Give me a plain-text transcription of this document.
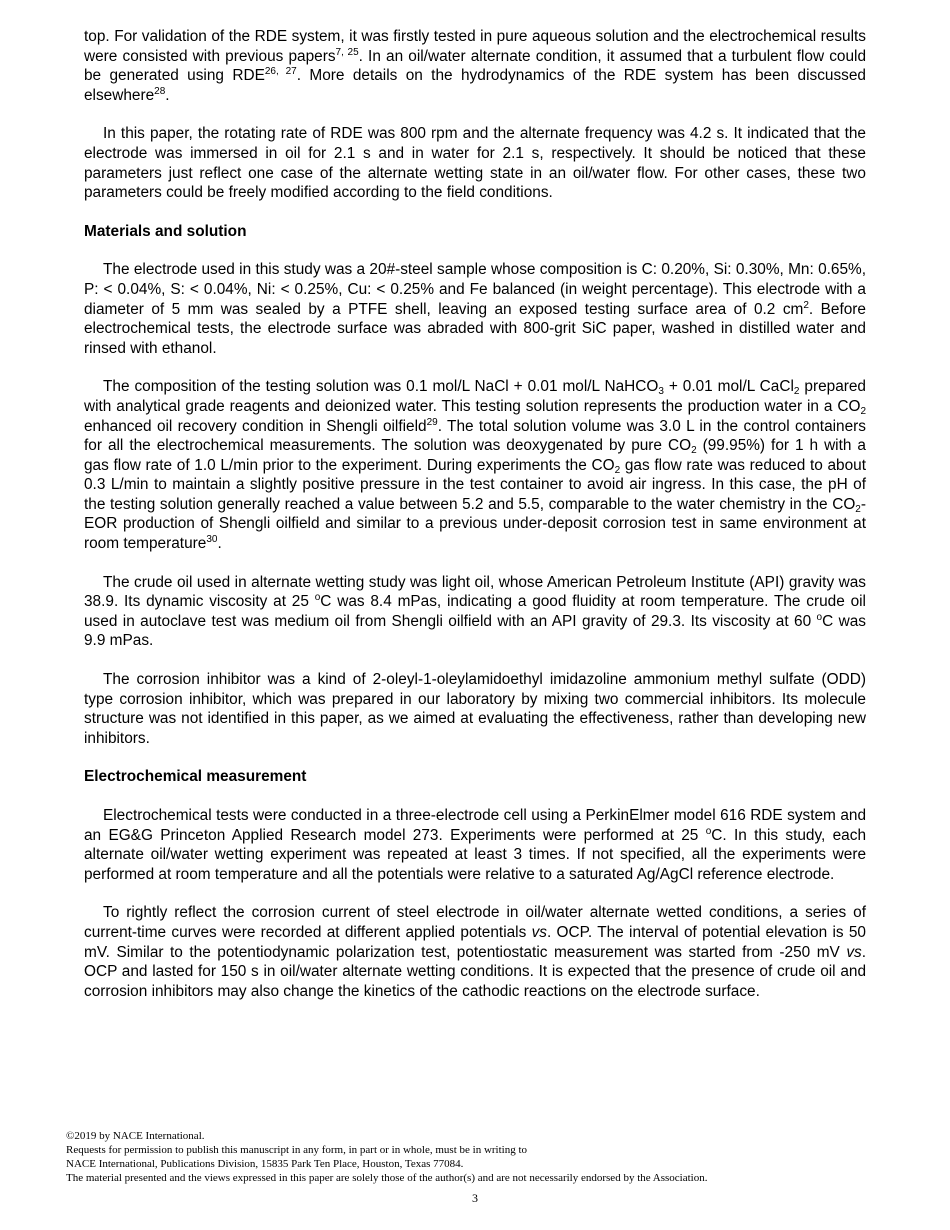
top. For validation of the RDE system, it was firstly tested in pure aqueous solution and the electrochemical results were consisted with previous papers$^{7, 25}$. In an oil/water alternate condition, it assumed that a turbulent flow could be generated using RDE$^{26, 27}$. More details on the hydrodynamics of the RDE system has been discussed elsewhere$^{28}$.

In this paper, the rotating rate of RDE was 800 rpm and the alternate frequency was 4.2 s. It indicated that the electrode was immersed in oil for 2.1 s and in water for 2.1 s, respectively. It should be noticed that these parameters just reflect one case of the alternate wetting state in an oil/water flow. For other cases, these two parameters could be freely modified according to the field conditions.

Materials and solution

The electrode used in this study was a 20#-steel sample whose composition is C: 0.20%, Si: 0.30%, Mn: 0.65%, P: < 0.04%, S: < 0.04%, Ni: < 0.25%, Cu: < 0.25% and Fe balanced (in weight percentage). This electrode with a diameter of 5 mm was sealed by a PTFE shell, leaving an exposed testing surface area of 0.2 $cm^2$. Before electrochemical tests, the electrode surface was abraded with 800-grit SiC paper, washed in distilled water and rinsed with ethanol.

The composition of the testing solution was 0.1 mol/L NaCl + 0.01 mol/L NaHCO$_3$ + 0.01 mol/L CaCl$_2$ prepared with analytical grade reagents and deionized water. This testing solution represents the production water in a $CO_2$ enhanced oil recovery condition in Shengli oilfield$^{29}$. The total solution volume was 3.0 L in the control containers for all the electrochemical measurements. The solution was deoxygenated by pure $CO_2$ (99.95%) for 1 h with a gas flow rate of 1.0 L/min prior to the experiment. During experiments the $CO_2$ gas flow rate was reduced to about 0.3 L/min to maintain a slightly positive pressure in the test container to avoid air ingress. In this case, the pH of the testing solution generally reached a value between 5.2 and 5.5, comparable to the water chemistry in the $CO_2$-EOR production of Shengli oilfield and similar to a previous under-deposit corrosion test in same environment at room temperature$^{30}$.

The crude oil used in alternate wetting study was light oil, whose American Petroleum Institute (API) gravity was 38.9. Its dynamic viscosity at 25 $^o$C was 8.4 mPas, indicating a good fluidity at room temperature. The crude oil used in autoclave test was medium oil from Shengli oilfield with an API gravity of 29.3. Its viscosity at 60 $^o$C was 9.9 mPas.

The corrosion inhibitor was a kind of 2-oleyl-1-oleylamidoethyl imidazoline ammonium methyl sulfate (ODD) type corrosion inhibitor, which was prepared in our laboratory by mixing two commercial inhibitors. Its molecule structure was not identified in this paper, as we aimed at evaluating the effectiveness, rather than developing new inhibitors.

Electrochemical measurement

Electrochemical tests were conducted in a three-electrode cell using a PerkinElmer model 616 RDE system and an EG&G Princeton Applied Research model 273. Experiments were performed at 25 $^o$C. In this study, each alternate oil/water wetting experiment was repeated at least 3 times. If not specified, all the experiments were performed at room temperature and all the potentials were relative to a saturated Ag/AgCl reference electrode.

To rightly reflect the corrosion current of steel electrode in oil/water alternate wetted conditions, a series of current-time curves were recorded at different applied potentials vs. OCP. The interval of potential elevation is 50 mV. Similar to the potentiodynamic polarization test, potentiostatic measurement was started from -250 mV vs. OCP and lasted for 150 s in oil/water alternate wetting conditions. It is expected that the presence of crude oil and corrosion inhibitors may also change the kinetics of the cathodic reactions on the electrode surface.

©2019 by NACE International.
Requests for permission to publish this manuscript in any form, in part or in whole, must be in writing to
NACE International, Publications Division, 15835 Park Ten Place, Houston, Texas 77084.
The material presented and the views expressed in this paper are solely those of the author(s) and are not necessarily endorsed by the Association.
3
